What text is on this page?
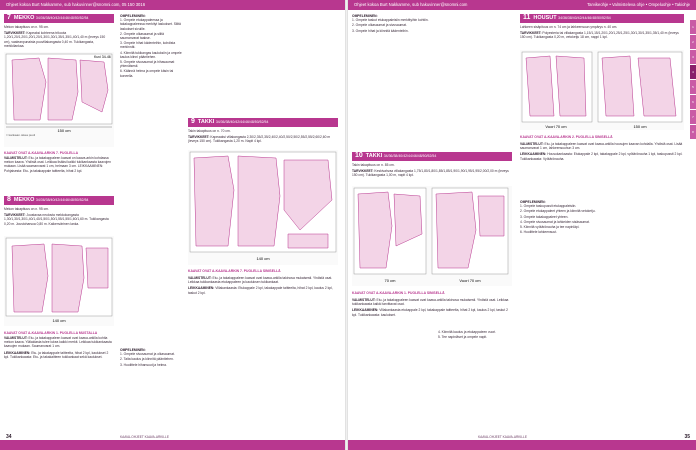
Ohjeet kokoa Burt Nakkamme, sub hakuvinner@snomni.com, 05 150 3016
7 MEKKO
34/36/38/40/42/44/46/48/50/52/54
Mekon takapituus on n. 95 cm.
TARVIKKEET: Kapeaksi kohteena trikoota 1,20/1,20/1,20/1,20/1,20/1,30/1,30/1,35/1,35/1,40/1,40 m (leveys 150 cm), vaaleanpunaista puuvillakangasta 0,40 m. Tukikangasta, merkkilankaa.
150 cm
Kuvi 34-46
= kankaan oikea puoli
KAAVAT OVAT A-KAAVA-ARKIN 7. PUOLELLA
VALMISTELUT: Etu- ja takakappaleen kaavat on kaava-arkin kohdassa mekon kaava. Yhdistä osat. Leikkaa lisäksi kaikki tukikankaasta kaavojen mukaan. Lisää saumanvarat 1 cm, helmaan 3 cm. LEIKKAAMINEN: Pohjaisesta: Etu- ja takakappale taitteelta, hihat 2 kpl.
8 MEKKO
34/36/38/40/42/44/46/48/50/52/54
Mekon takapituus on n. 95 cm.
TARVIKKEET: Joustavaa neulosta mekkokangasta 1,30/1,30/1,30/1,40/1,40/1,50/1,50/1,55/1,55/1,60/1,60 m. Tukikangasta 0,20 m. Joustoharsoa 0,80 m. Kaikenvärinen lanka.
140 cm
KAAVAT OVAT A-KAAVA-ARKIN 1. PUOLELLA MUSTALLA
VALMISTELUT: Etu- ja takakappaleen kaavat ovat kaava-arkilla kohtia mekon kaava. Ylälaidasta tulee lukea kaikki merkit. Leikkaa tukikankaasta kaavojen mukaan. Saumanvarat 1 cm.
LEIKKAAMINEN: Etu- ja takakappale taitteelta, hihat 2 kpl, kaulukset 2 kpl. Tukikankaasta: Etu- ja takakaitteen tukikankaat sekä kaulukset.
OMPELEMINEN:

1. Ompele etukappaleessa ja takakappaleessa merkityt laskokset. Silitä laskokset sivuille.

2. Ompele olkasaumat ja silitä saumanvarat taakse.

3. Ompele hihat kädenteihin, kohdista merkinnät.

4. Kiinnitä tukikangas kauluksiin ja ompele kaulus kiinni pääntiehen.

5. Ompele sivusaumat ja hihasaumat yhtenäisesti.

6. Käännä helma ja ompele käsin tai koneella.

OMPELEMINEN:

1. Ompele sivusaumat ja olkasaumat.

2. Taita kaulus ja kiinnitä pääntiehen.

3. Huolittele hihansuut ja helma.

9 TAKKI
34/36/38/40/42/44/46/48/50/52/54
Takin takapituus on n. 70 cm.
TARVIKKEET: Kapeaaksi villakangasta 2,30/2,35/2,35/2,40/2,40/2,50/2,50/2,55/2,55/2,60/2,60 m (leveys 150 cm). Tukikangasta 1,20 m. Napit 4 kpl.
140 cm
KAAVAT OVAT A-KAAVA-ARKIN 7. PUOLELLA SINISELLÄ
VALMISTELUT: Etu- ja takakappaleen kaavat ovat kaava-arkilla takinosa mukaisesti. Yhdistä osat. Leikkaa tukikankaasta etukappaleen ja kauluksen tukikankaat.
LEIKKAAMINEN: Villakankaasta: Etukappale 2 kpl, takakappale taitteelta, hihat 2 kpl, kaulus 2 kpl, taskut 2 kpl.
KAAVA-OHJEET KAAVA-ARKILLE
34
Ohjeet kokoa Burt Nakkamme, sub hakuvinner@snomni.com	Tarvikeohje • Valmisteleva ohje • Ompeluohje • Takiohje
OMPELEMINEN:

1. Ompele taskut etukappaleisiin merkittyihin kohtiin.

2. Ompele olkasaumat ja sivusaumat.

3. Ompele hihat ja kiinnitä kädenteihin.

10 TAKKI
34/36/38/40/42/44/46/48/50/52/54
Takin takapituus on n. 85 cm.
TARVIKKEET: Keskivahvaa villakangasta 1,75/1,80/1,80/1,85/1,85/1,90/1,90/1,95/1,95/2,00/2,00 m (leveys 150 cm). Tukikangasta 1,00 m, napit 4 kpl.
70 cm	Vuori 70 cm
KAAVAT OVAT A-KAAVA-ARKIN 1. PUOLELLA SINISELLÄ
VALMISTELUT: Etu- ja takakappaleen kaavat ovat kaava-arkilla takinosa mukaisesti. Yhdistä osat. Leikkaa tukikankaasta kaikki tarvittavat osat.
LEIKKAAMINEN: Villakankaasta etukappale 2 kpl, takakappale taitteelta, hihat 2 kpl, kaulus 2 kpl, taskut 2 kpl. Tukikankaasta: kaulukset.

4. Kiinnitä kaulus ja etukappaleen vuori.

5. Tee napinlävet ja ompele napit.

11 HOUSUT
34/36/38/40/42/44/46/48/50/52/54
Lahkeen sisäpituus on n. 74 cm ja lahkeensuun ympärys n. 40 cm.
TARVIKKEET: Polyesteria tai villakangasta 1,15/1,15/1,20/1,20/1,25/1,25/1,30/1,30/1,35/1,35/1,40 m (leveys 150 cm). Tukikangasta 0,20 m, vetoketju 18 cm, nappi 1 kpl.
Vuori 70 cm	150 cm
KAAVAT OVAT A-KAAVA-ARKIN 2. PUOLELLA SINISELLÄ
VALMISTELUT: Etu- ja takakappaleen kaavat ovat kaava-arkilla housujen kaavan kohdalla. Yhdistä osat. Lisää saumanvarat 1 cm, lahkeensuuhun 3 cm.
LEIKKAAMINEN: Housukankaasta: Etukappale 2 kpl, takakappale 2 kpl, vyötärönauha 1 kpl, taskupussit 2 kpl. Tukikankaasta: Vyötärönauha.
OMPELEMINEN:

1. Ompele taskupussit etukappaleisiin.

2. Ompele etukappaleet yhteen ja kiinnitä vetoketju.

3. Ompele takakappaleet yhteen.

4. Ompele sivusaumat ja lahkeiden sisäsaumat.

5. Kiinnitä vyötärönauha ja tee napinläpi.

6. Huolittele lahkeensuut.

1
2
3
4
5
6
7
8
KAAVA-OHJEET KAAVA-ARKILLE	35
